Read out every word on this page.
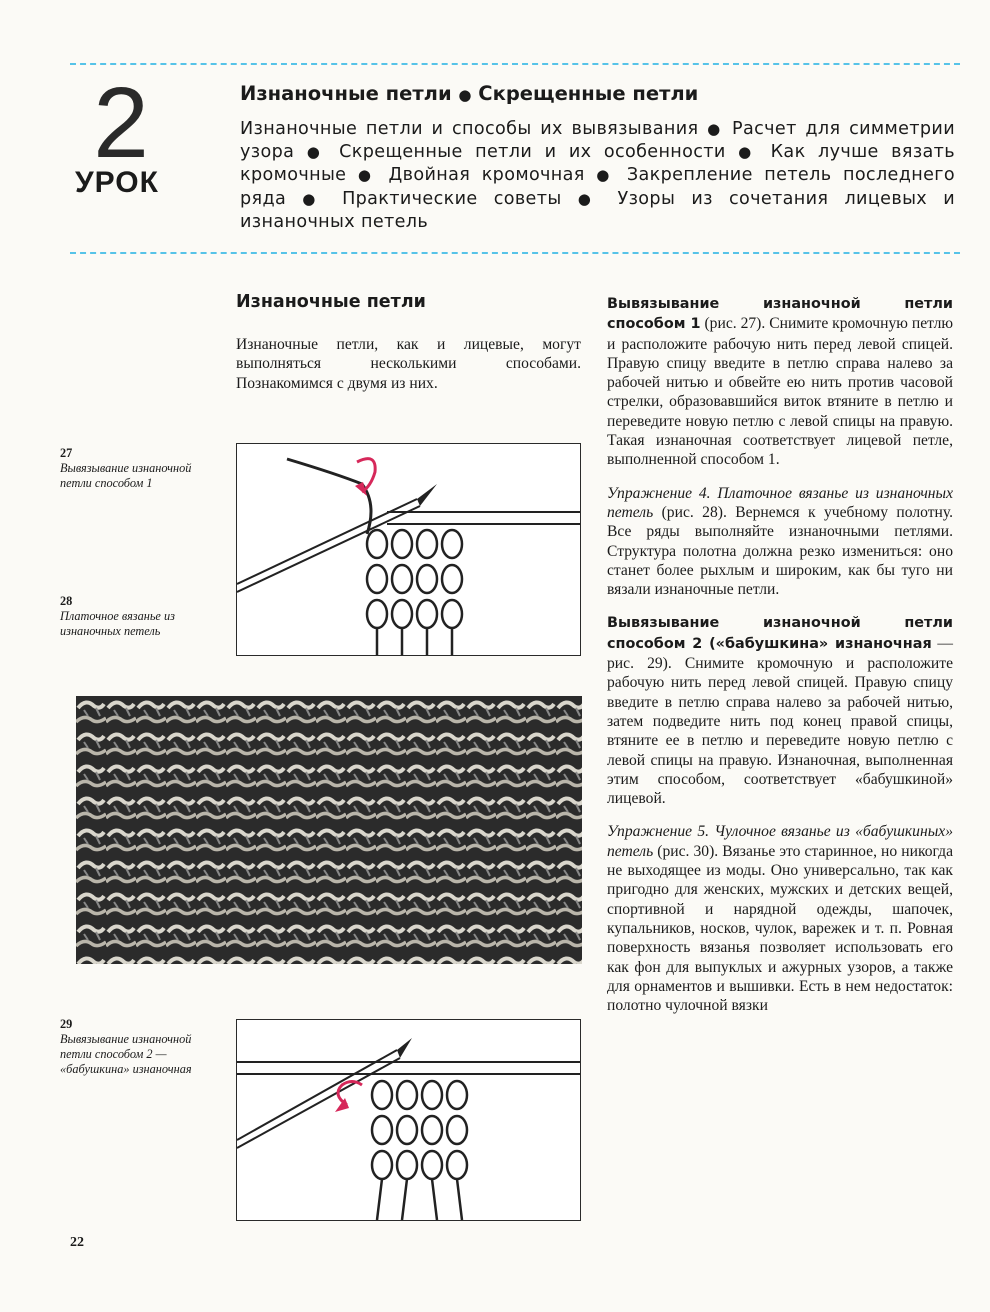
2
УРОК
Изнаночные петли ● Скрещенные петли
Изнаночные петли и способы их вывязывания ● Расчет для симметрии узора ● Скрещенные петли и их особенности ● Как лучше вязать кромочные ● Двойная кромочная ● Закрепление петель последнего ряда ● Практические советы ● Узоры из сочетания лицевых и изнаночных петель
Изнаночные петли
Изнаночные петли, как и лицевые, могут выполняться несколькими способами. Познакомимся с двумя из них.
27
Вывязывание изнаночной петли способом 1
28
Платочное вязанье из изнаночных петель
29
Вывязывание изнаночной петли способом 2 — «бабушкина» изнаночная

Вывязывание изнаночной петли способом 1 (рис. 27). Снимите кромочную петлю и расположите рабочую нить перед левой спицей. Правую спицу введите в петлю справа налево за рабочей нитью и обвейте ею нить против часовой стрелки, образовавшийся виток втяните в петлю и переведите новую петлю с левой спицы на правую. Такая изнаночная соответствует лицевой петле, выполненной способом 1.

Упражнение 4. Платочное вязанье из изнаночных петель (рис. 28). Вернемся к учебному полотну. Все ряды выполняйте изнаночными петлями. Структура полотна должна резко измениться: оно станет более рыхлым и широким, как бы туго ни вязали изнаночные петли.

Вывязывание изнаночной петли способом 2 («бабушкина» изнаночная — рис. 29). Снимите кромочную и расположите рабочую нить перед левой спицей. Правую спицу введите в петлю справа налево за рабочей нитью, затем подведите нить под конец правой спицы, втяните ее в петлю и переведите новую петлю с левой спицы на правую. Изнаночная, выполненная этим способом, соответствует «бабушкиной» лицевой.

Упражнение 5. Чулочное вязанье из «бабушкиных» петель (рис. 30). Вязанье это старинное, но никогда не выходящее из моды. Оно универсально, так как пригодно для женских, мужских и детских вещей, спортивной и нарядной одежды, шапочек, купальников, носков, чулок, варежек и т. п. Ровная поверхность вязанья позволяет использовать его как фон для выпуклых и ажурных узоров, а также для орнаментов и вышивки. Есть в нем недостаток: полотно чулочной вязки

22
